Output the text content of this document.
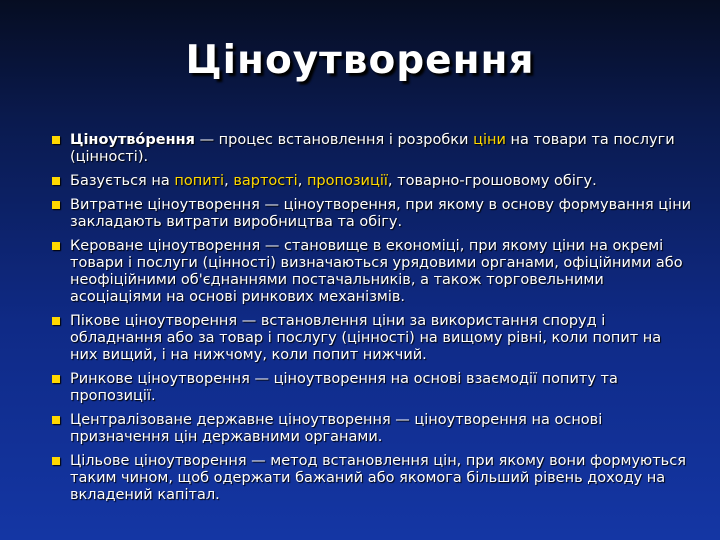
Ціноутворення
Ціноутво́рення — процес встановлення і розробки ціни на товари та послуги (цінності).
Базується на попиті, вартості, пропозиції, товарно-грошовому обігу.
Витратне ціноутворення — ціноутворення, при якому в основу формування ціни закладають витрати виробництва та обігу.
Кероване ціноутворення — становище в економіці, при якому ціни на окремі товари і послуги (цінності) визначаються урядовими органами, офіційними або неофіційними об'єднаннями постачальників, а також торговельними асоціаціями на основі ринкових механізмів.
Пікове ціноутворення — встановлення ціни за використання споруд і обладнання або за товар і послугу (цінності) на вищому рівні, коли попит на них вищий, і на нижчому, коли попит нижчий.
Ринкове ціноутворення — ціноутворення на основі взаємодії попиту та пропозиції.
Централізоване державне ціноутворення — ціноутворення на основі призначення цін державними органами.
Цільове ціноутворення — метод встановлення цін, при якому вони формуються таким чином, щоб одержати бажаний або якомога більший рівень доходу на вкладений капітал.
